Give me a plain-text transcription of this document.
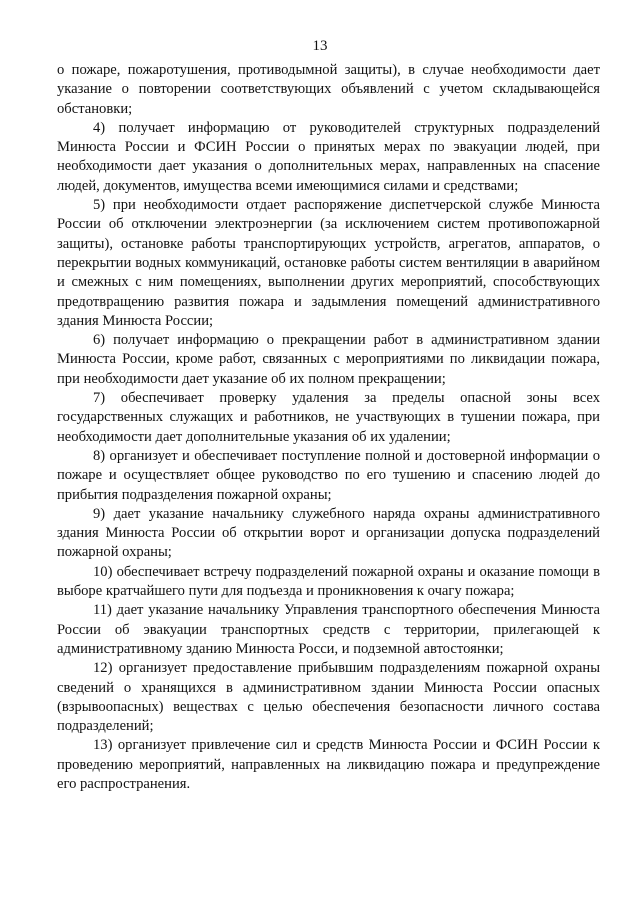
13

о пожаре, пожаротушения, противодымной защиты), в случае необходимости дает указание о повторении соответствующих объявлений с учетом складывающейся обстановки;

4) получает информацию от руководителей структурных подразделений Минюста России и ФСИН России о принятых мерах по эвакуации людей, при необходимости дает указания о дополнительных мерах, направленных на спасение людей, документов, имущества всеми имеющимися силами и средствами;

5) при необходимости отдает распоряжение диспетчерской службе Минюста России об отключении электроэнергии (за исключением систем противопожарной защиты), остановке работы транспортирующих устройств, агрегатов, аппаратов, о перекрытии водных коммуникаций, остановке работы систем вентиляции в аварийном и смежных с ним помещениях, выполнении других мероприятий, способствующих предотвращению развития пожара и задымления помещений административного здания Минюста России;

6) получает информацию о прекращении работ в административном здании Минюста России, кроме работ, связанных с мероприятиями по ликвидации пожара, при необходимости дает указание об их полном прекращении;

7) обеспечивает проверку удаления за пределы опасной зоны всех государственных служащих и работников, не участвующих в тушении пожара, при необходимости дает дополнительные указания об их удалении;

8) организует и обеспечивает поступление полной и достоверной информации о пожаре и осуществляет общее руководство по его тушению и спасению людей до прибытия подразделения пожарной охраны;

9) дает указание начальнику служебного наряда охраны административного здания Минюста России об открытии ворот и организации допуска подразделений пожарной охраны;

10) обеспечивает встречу подразделений пожарной охраны и оказание помощи в выборе кратчайшего пути для подъезда и проникновения к очагу пожара;

11) дает указание начальнику Управления транспортного обеспечения Минюста России об эвакуации транспортных средств с территории, прилегающей к административному зданию Минюста Росси, и подземной автостоянки;

12) организует предоставление прибывшим подразделениям пожарной охраны сведений о хранящихся в административном здании Минюста России опасных (взрывоопасных) веществах с целью обеспечения безопасности личного состава подразделений;

13) организует привлечение сил и средств Минюста России и ФСИН России к проведению мероприятий, направленных на ликвидацию пожара и предупреждение его распространения.
